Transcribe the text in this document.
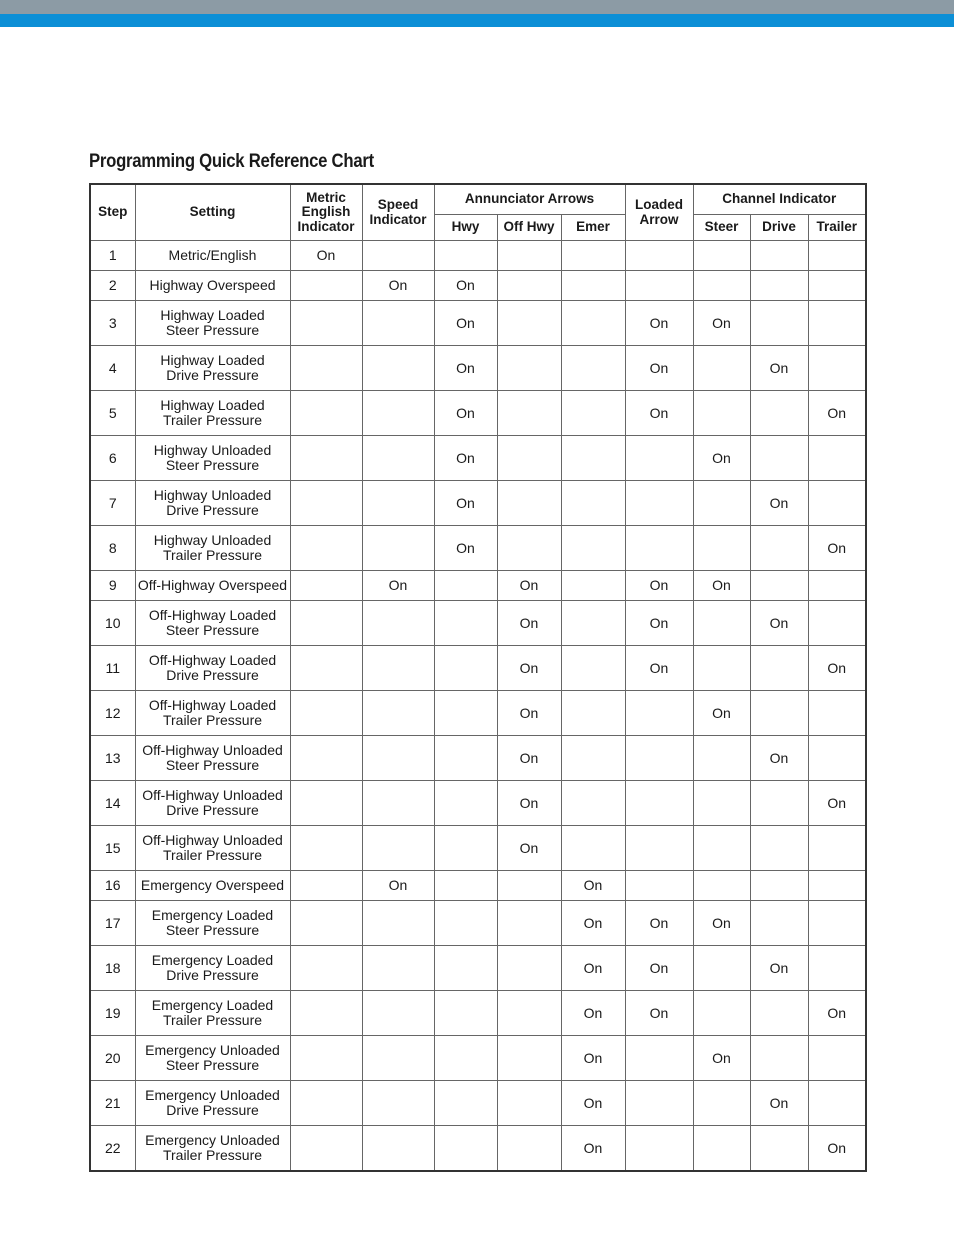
Programming Quick Reference Chart
Step	Setting	Metric
English
Indicator	Speed
Indicator	Annunciator Arrows			Loaded
Arrow	Channel Indicator		
				Hwy	Off Hwy	Emer		Steer	Drive	Trailer
1	Metric/English	On								
2	Highway Overspeed		On	On						
3	Highway Loaded
Steer Pressure			On			On	On		
4	Highway Loaded
Drive Pressure			On			On		On	
5	Highway Loaded
Trailer Pressure			On			On			On
6	Highway Unloaded
Steer Pressure			On				On		
7	Highway Unloaded
Drive Pressure			On					On	
8	Highway Unloaded
Trailer Pressure			On						On
9	Off-Highway Overspeed		On		On		On	On		
10	Off-Highway Loaded
Steer Pressure				On		On		On	
11	Off-Highway Loaded
Drive Pressure				On		On			On
12	Off-Highway Loaded
Trailer Pressure				On			On		
13	Off-Highway Unloaded
Steer Pressure				On				On	
14	Off-Highway Unloaded
Drive Pressure				On					On
15	Off-Highway Unloaded
Trailer Pressure				On					
16	Emergency Overspeed		On			On				
17	Emergency Loaded
Steer Pressure					On	On	On		
18	Emergency Loaded
Drive Pressure					On	On		On	
19	Emergency Loaded
Trailer Pressure					On	On			On
20	Emergency Unloaded
Steer Pressure					On		On		
21	Emergency Unloaded
Drive Pressure					On			On	
22	Emergency Unloaded
Trailer Pressure					On				On
